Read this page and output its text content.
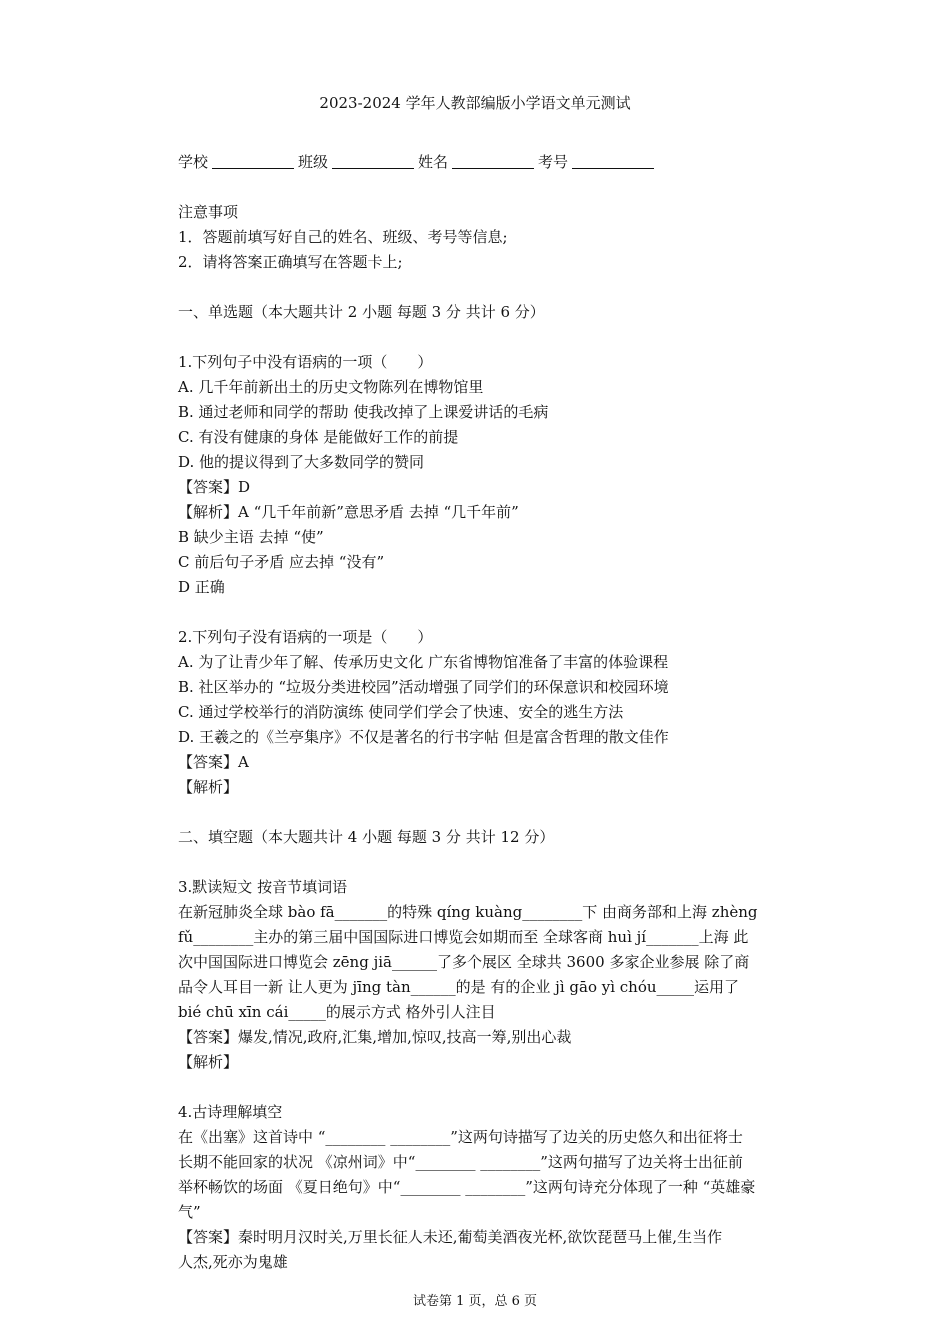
2023-2024 学年人教部编版小学语文单元测试
学校	班级	姓名	考号
注意事项
1．答题前填写好自己的姓名、班级、考号等信息;
2．请将答案正确填写在答题卡上;
一、单选题（本大题共计 2 小题 每题 3 分 共计 6 分）
1.下列句子中没有语病的一项（　　）
A. 几千年前新出土的历史文物陈列在博物馆里
B. 通过老师和同学的帮助 使我改掉了上课爱讲话的毛病
C. 有没有健康的身体 是能做好工作的前提
D. 他的提议得到了大多数同学的赞同
【答案】D
【解析】A “几千年前新”意思矛盾 去掉 “几千年前”
B 缺少主语 去掉 “使”
C 前后句子矛盾 应去掉 “没有”
D 正确
2.下列句子没有语病的一项是（　　）
A. 为了让青少年了解、传承历史文化 广东省博物馆准备了丰富的体验课程
B. 社区举办的 “垃圾分类进校园”活动增强了同学们的环保意识和校园环境
C. 通过学校举行的消防演练 使同学们学会了快速、安全的逃生方法
D. 王羲之的《兰亭集序》不仅是著名的行书字帖 但是富含哲理的散文佳作
【答案】A
【解析】
二、填空题（本大题共计 4 小题 每题 3 分 共计 12 分）
3.默读短文 按音节填词语
在新冠肺炎全球 bào fā_______的特殊 qíng kuàng________下 由商务部和上海 zhèng
fǔ________主办的第三届中国国际进口博览会如期而至 全球客商 huì jí_______上海 此
次中国国际进口博览会 zēng jiā______了多个展区 全球共 3600 多家企业参展 除了商
品令人耳目一新 让人更为 jīng tàn______的是 有的企业 jì gāo yì chóu_____运用了
bié chū xīn cái_____的展示方式 格外引人注目
【答案】爆发,情况,政府,汇集,增加,惊叹,技高一筹,别出心裁
【解析】
4.古诗理解填空
在《出塞》这首诗中 “________ ________”这两句诗描写了边关的历史悠久和出征将士
长期不能回家的状况 《凉州词》中“________ ________”这两句描写了边关将士出征前
举杯畅饮的场面 《夏日绝句》中“________ ________”这两句诗充分体现了一种 “英雄豪
气”
【答案】秦时明月汉时关,万里长征人未还,葡萄美酒夜光杯,欲饮琵琶马上催,生当作
人杰,死亦为鬼雄
试卷第 1 页，总 6 页
